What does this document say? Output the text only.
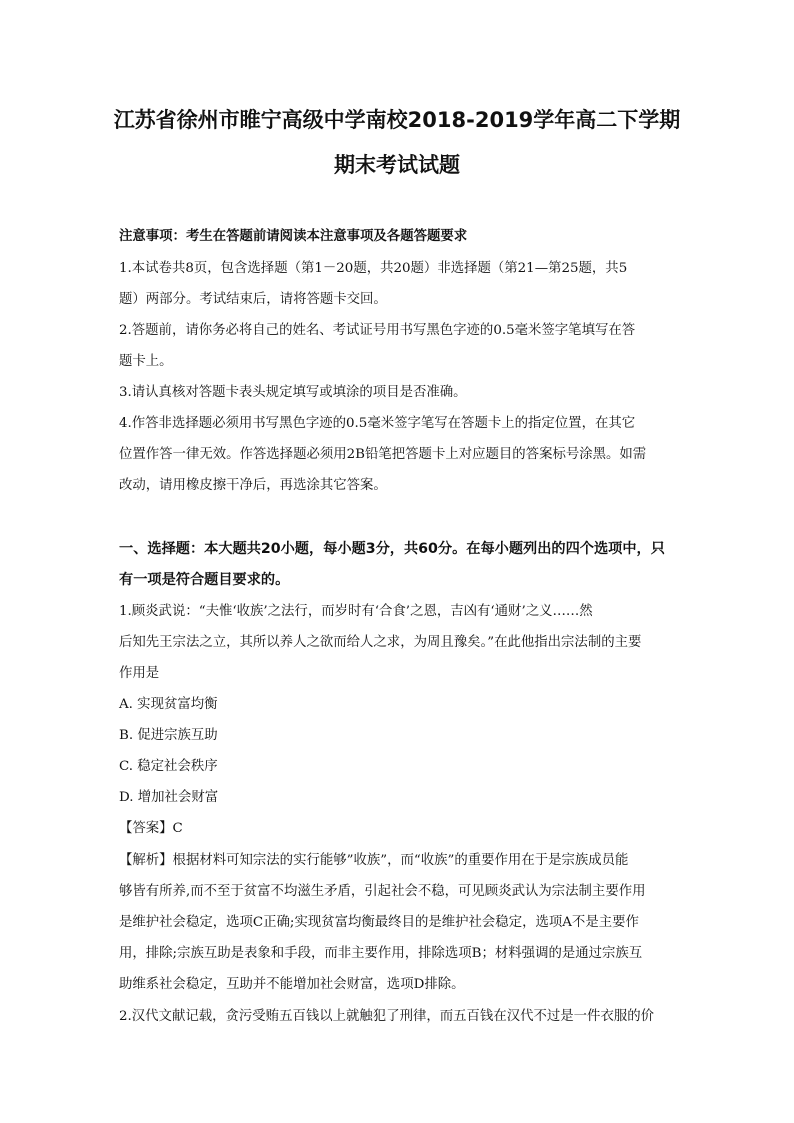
江苏省徐州市睢宁高级中学南校2018-2019学年高二下学期
期末考试试题
注意事项：考生在答题前请阅读本注意事项及各题答题要求
1.本试卷共8页，包含选择题（第1－20题，共20题）非选择题（第21—第25题，共5
题）两部分。考试结束后，请将答题卡交回。
2.答题前，请你务必将自己的姓名、考试证号用书写黑色字迹的0.5毫米签字笔填写在答
题卡上。
3.请认真核对答题卡表头规定填写或填涂的项目是否准确。
4.作答非选择题必须用书写黑色字迹的0.5毫米签字笔写在答题卡上的指定位置，在其它
位置作答一律无效。作答选择题必须用2B铅笔把答题卡上对应题目的答案标号涂黑。如需
改动，请用橡皮擦干净后，再选涂其它答案。
一、选择题：本大题共20小题，每小题3分，共60分。在每小题列出的四个选项中，只
有一项是符合题目要求的。
1.顾炎武说：“夫惟‘收族’之法行，而岁时有‘合食’之恩，吉凶有‘通财’之义……然
后知先王宗法之立，其所以养人之欲而给人之求，为周且豫矣。”在此他指出宗法制的主要
作用是
A. 实现贫富均衡
B. 促进宗族互助
C. 稳定社会秩序
D. 增加社会财富
【答案】C
【解析】根据材料可知宗法的实行能够”收族”，而“收族”的重要作用在于是宗族成员能
够皆有所养,而不至于贫富不均滋生矛盾，引起社会不稳，可见顾炎武认为宗法制主要作用
是维护社会稳定，选项C正确;实现贫富均衡最终目的是维护社会稳定，选项A不是主要作
用，排除;宗族互助是表象和手段，而非主要作用，排除选项B；材料强调的是通过宗族互
助维系社会稳定，互助并不能增加社会财富，选项D排除。
2.汉代文献记载，贪污受贿五百钱以上就触犯了刑律，而五百钱在汉代不过是一件衣服的价
